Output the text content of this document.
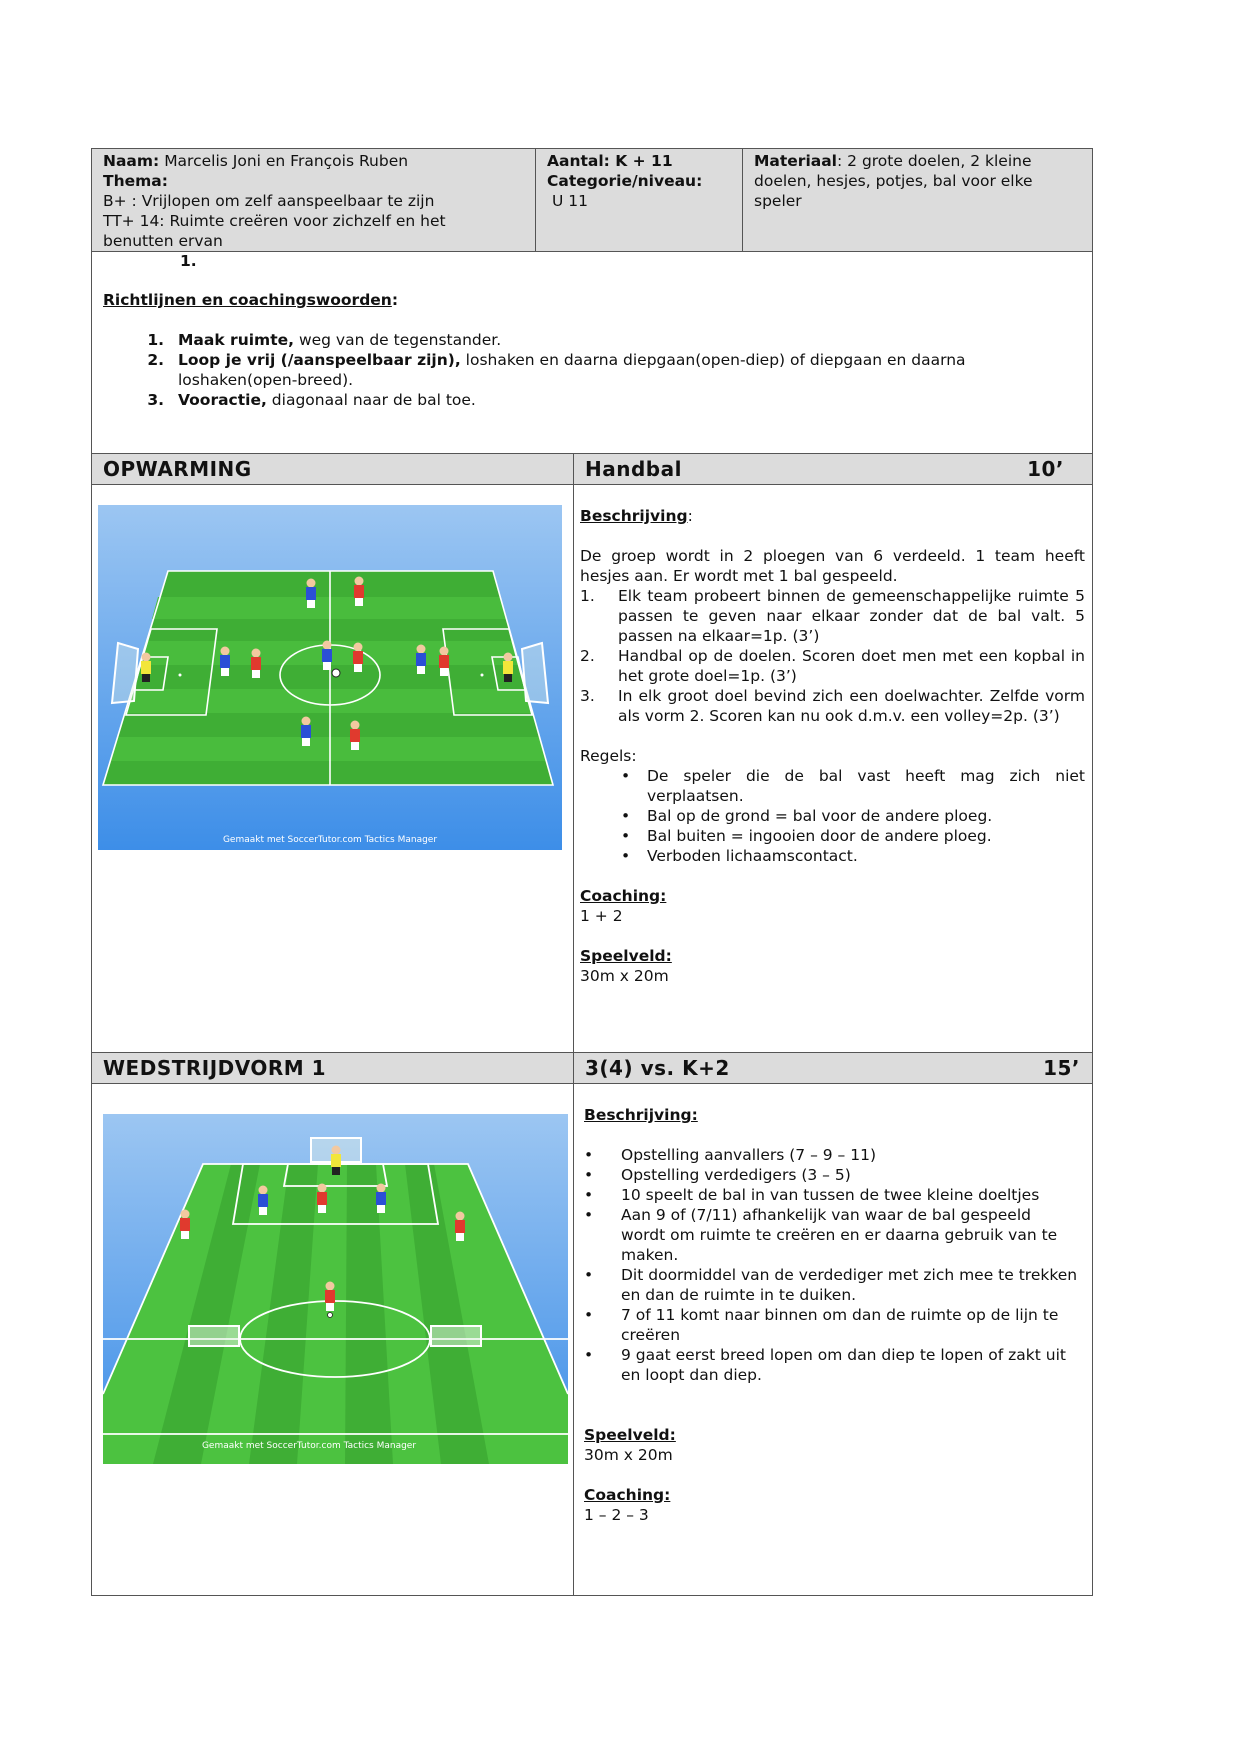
Naam: Marcelis Joni en François Ruben
Thema:
B+ : Vrijlopen om zelf aanspeelbaar te zijn
TT+ 14: Ruimte creëren voor zichzelf en het
benutten ervan
Aantal: K + 11
Categorie/niveau:
U 11
Materiaal: 2 grote doelen, 2 kleine doelen, hesjes, potjes, bal voor elke speler
1.
Richtlijnen en coachingswoorden:
1. Maak ruimte, weg van de tegenstander.
2. Loop je vrij (/aanspeelbaar zijn), loshaken en daarna diepgaan(open-diep) of diepgaan en daarna loshaken(open-breed).
3. Vooractie, diagonaal naar de bal toe.
OPWARMING	Handbal	10’
Gemaakt met SoccerTutor.com Tactics Manager
Beschrijving:
De groep wordt in 2 ploegen van 6 verdeeld. 1 team heeft hesjes aan. Er wordt met 1 bal gespeeld.
1.	Elk team probeert binnen de gemeenschappelijke ruimte 5 passen te geven naar elkaar zonder dat de bal valt. 5 passen na elkaar=1p. (3’)
2.	Handbal op de doelen. Scoren doet men met een kopbal in het grote doel=1p. (3’)
3.	In elk groot doel bevind zich een doelwachter. Zelfde vorm als vorm 2. Scoren kan nu ook d.m.v. een volley=2p. (3’)
Regels:
•	De speler die de bal vast heeft mag zich niet verplaatsen.
•	Bal op de grond = bal voor de andere ploeg.
•	Bal buiten = ingooien door de andere ploeg.
•	Verboden lichaamscontact.
Coaching:
1 + 2
Speelveld:
30m x 20m
WEDSTRIJDVORM 1	3(4) vs. K+2	15’
Gemaakt met SoccerTutor.com Tactics Manager
Beschrijving:
•	Opstelling aanvallers (7 – 9 – 11)
•	Opstelling verdedigers (3 – 5)
•	10 speelt de bal in van tussen de twee kleine doeltjes
•	Aan 9 of (7/11) afhankelijk van waar de bal gespeeld wordt om ruimte te creëren en er daarna gebruik van te maken.
•	Dit doormiddel van de verdediger met zich mee te trekken en dan de ruimte in te duiken.
•	7 of 11 komt naar binnen om dan de ruimte op de lijn te creëren
•	9 gaat eerst breed lopen om dan diep te lopen of zakt uit en loopt dan diep.
Speelveld:
30m x 20m
Coaching:
1 – 2 – 3
